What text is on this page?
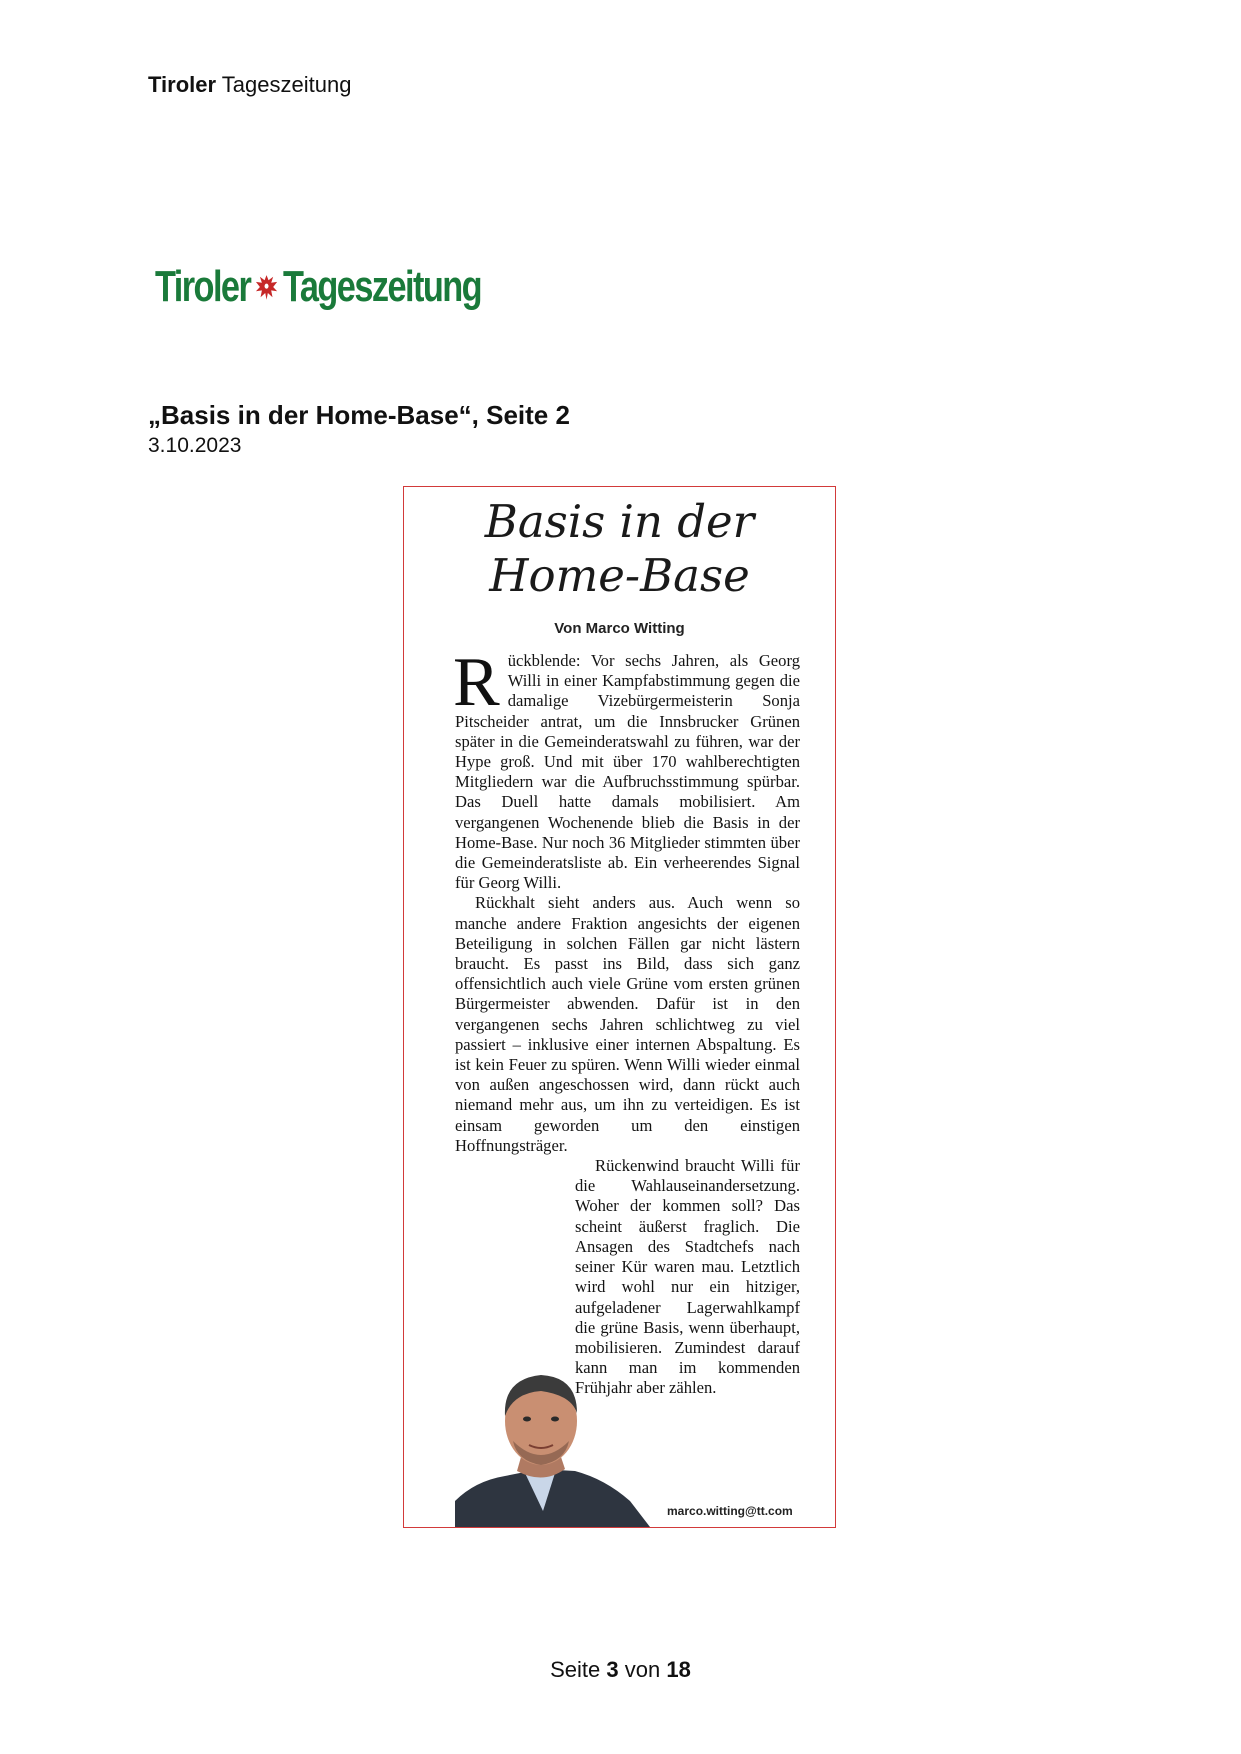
Tiroler Tageszeitung
Tiroler Tageszeitung
„Basis in der Home-Base“, Seite 2
3.10.2023
Basis in der
Home-Base
Von Marco Witting

Rückblende: Vor sechs Jahren, als Georg Willi in einer Kampfabstimmung gegen die damalige Vizebürgermeisterin Sonja Pitscheider antrat, um die Innsbrucker Grünen später in die Gemeinderatswahl zu führen, war der Hype groß. Und mit über 170 wahlberechtigten Mitgliedern war die Aufbruchsstimmung spürbar. Das Duell hatte damals mobilisiert. Am vergangenen Wochenende blieb die Basis in der Home-Base. Nur noch 36 Mitglieder stimmten über die Gemeinderatsliste ab. Ein verheerendes Signal für Georg Willi.

Rückhalt sieht anders aus. Auch wenn so manche andere Fraktion angesichts der eigenen Beteiligung in solchen Fällen gar nicht lästern braucht. Es passt ins Bild, dass sich ganz offensichtlich auch viele Grüne vom ersten grünen Bürgermeister abwenden. Dafür ist in den vergangenen sechs Jahren schlichtweg zu viel passiert – inklusive einer internen Abspaltung. Es ist kein Feuer zu spüren. Wenn Willi wieder einmal von außen angeschossen wird, dann rückt auch niemand mehr aus, um ihn zu verteidigen. Es ist einsam geworden um den einstigen Hoffnungsträger.

Rückenwind braucht Willi für die Wahlauseinandersetzung. Woher der kommen soll? Das scheint äußerst fraglich. Die Ansagen des Stadtchefs nach seiner Kür waren mau. Letztlich wird wohl nur ein hitziger, aufgeladener Lagerwahlkampf die grüne Basis, wenn überhaupt, mobilisieren. Zumindest darauf kann man im kommenden Frühjahr aber zählen.

marco.witting@tt.com
Seite 3 von 18
